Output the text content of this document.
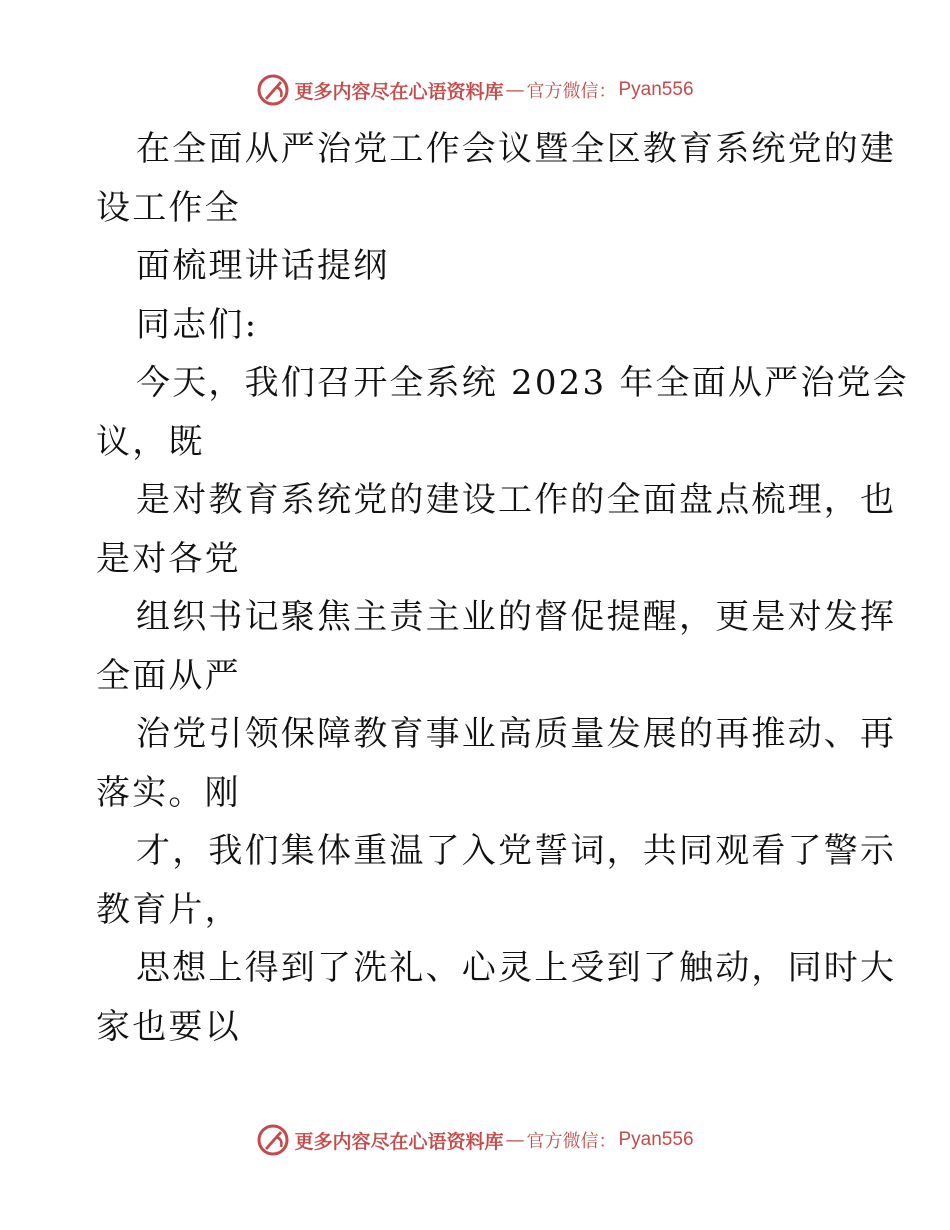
更多内容尽在心语资料库 — 官方微信： Pyan556
在全面从严治党工作会议暨全区教育系统党的建
设工作全
面梳理讲话提纲
同志们:
今天，我们召开全系统 2023 年全面从严治党会
议，既
是对教育系统党的建设工作的全面盘点梳理，也
是对各党
组织书记聚焦主责主业的督促提醒，更是对发挥
全面从严
治党引领保障教育事业高质量发展的再推动、再
落实。刚
才，我们集体重温了入党誓词，共同观看了警示
教育片，
思想上得到了洗礼、心灵上受到了触动，同时大
家也要以
更多内容尽在心语资料库 — 官方微信： Pyan556
